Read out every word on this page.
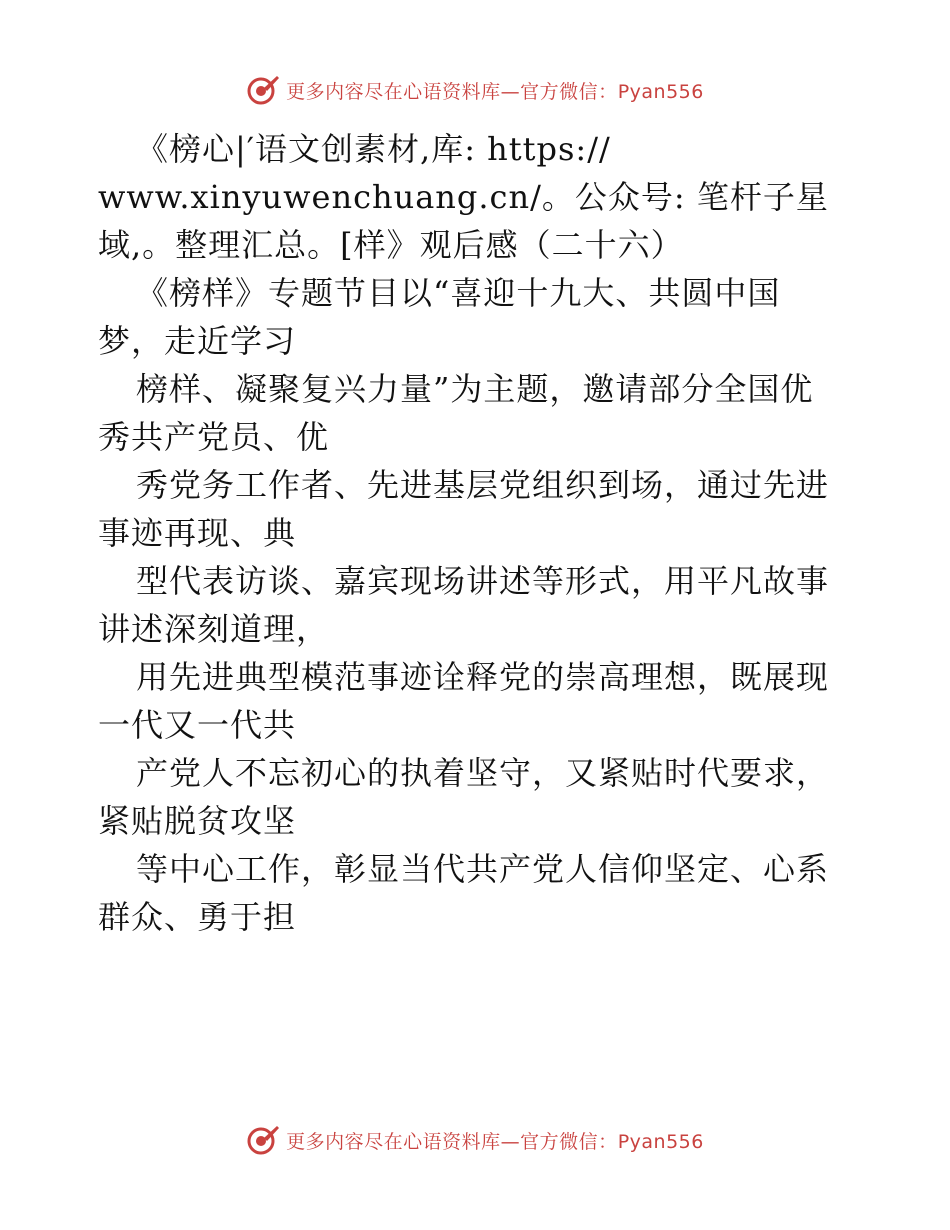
更多内容尽在心语资料库—官方微信：Pyan556
《榜心|′语文创素材,库: https://
www.xinyuwenchuang.cn/。公众号: 笔杆子星
域,。整理汇总。[样》观后感（二十六）
《榜样》专题节目以“喜迎十九大、共圆中国
梦，走近学习
榜样、凝聚复兴力量”为主题，邀请部分全国优
秀共产党员、优
秀党务工作者、先进基层党组织到场，通过先进
事迹再现、典
型代表访谈、嘉宾现场讲述等形式，用平凡故事
讲述深刻道理，
用先进典型模范事迹诠释党的崇高理想，既展现
一代又一代共
产党人不忘初心的执着坚守，又紧贴时代要求，
紧贴脱贫攻坚
等中心工作，彰显当代共产党人信仰坚定、心系
群众、勇于担
更多内容尽在心语资料库—官方微信：Pyan556
